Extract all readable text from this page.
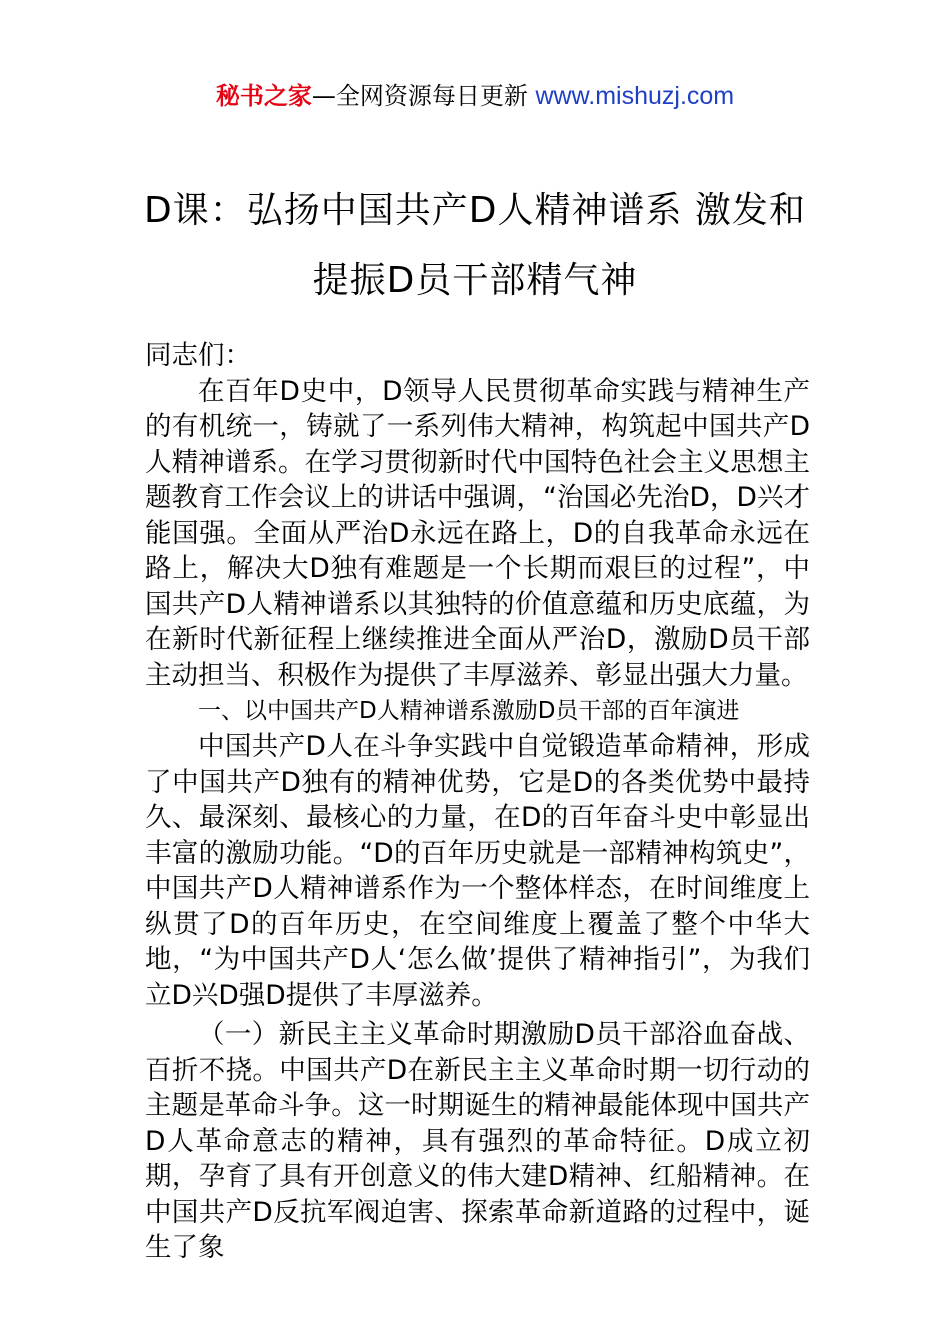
秘书之家—全网资源每日更新 www.mishuzj.com
D课：弘扬中国共产D人精神谱系 激发和
提振D员干部精气神

同志们：

在百年D史中，D领导人民贯彻革命实践与精神生产的有机统一，铸就了一系列伟大精神，构筑起中国共产D人精神谱系。在学习贯彻新时代中国特色社会主义思想主题教育工作会议上的讲话中强调，“治国必先治D，D兴才能国强。全面从严治D永远在路上，D的自我革命永远在路上，解决大D独有难题是一个长期而艰巨的过程”，中国共产D人精神谱系以其独特的价值意蕴和历史底蕴，为在新时代新征程上继续推进全面从严治D，激励D员干部主动担当、积极作为提供了丰厚滋养、彰显出强大力量。

一、以中国共产D人精神谱系激励D员干部的百年演进

中国共产D人在斗争实践中自觉锻造革命精神，形成了中国共产D独有的精神优势，它是D的各类优势中最持久、最深刻、最核心的力量，在D的百年奋斗史中彰显出丰富的激励功能。“D的百年历史就是一部精神构筑史”，中国共产D人精神谱系作为一个整体样态，在时间维度上纵贯了D的百年历史，在空间维度上覆盖了整个中华大地，“为中国共产D人‘怎么做’提供了精神指引”，为我们立D兴D强D提供了丰厚滋养。

（一）新民主主义革命时期激励D员干部浴血奋战、百折不挠。中国共产D在新民主主义革命时期一切行动的主题是革命斗争。这一时期诞生的精神最能体现中国共产D人革命意志的精神，具有强烈的革命特征。D成立初期，孕育了具有开创意义的伟大建D精神、红船精神。在中国共产D反抗军阀迫害、探索革命新道路的过程中，诞生了象
